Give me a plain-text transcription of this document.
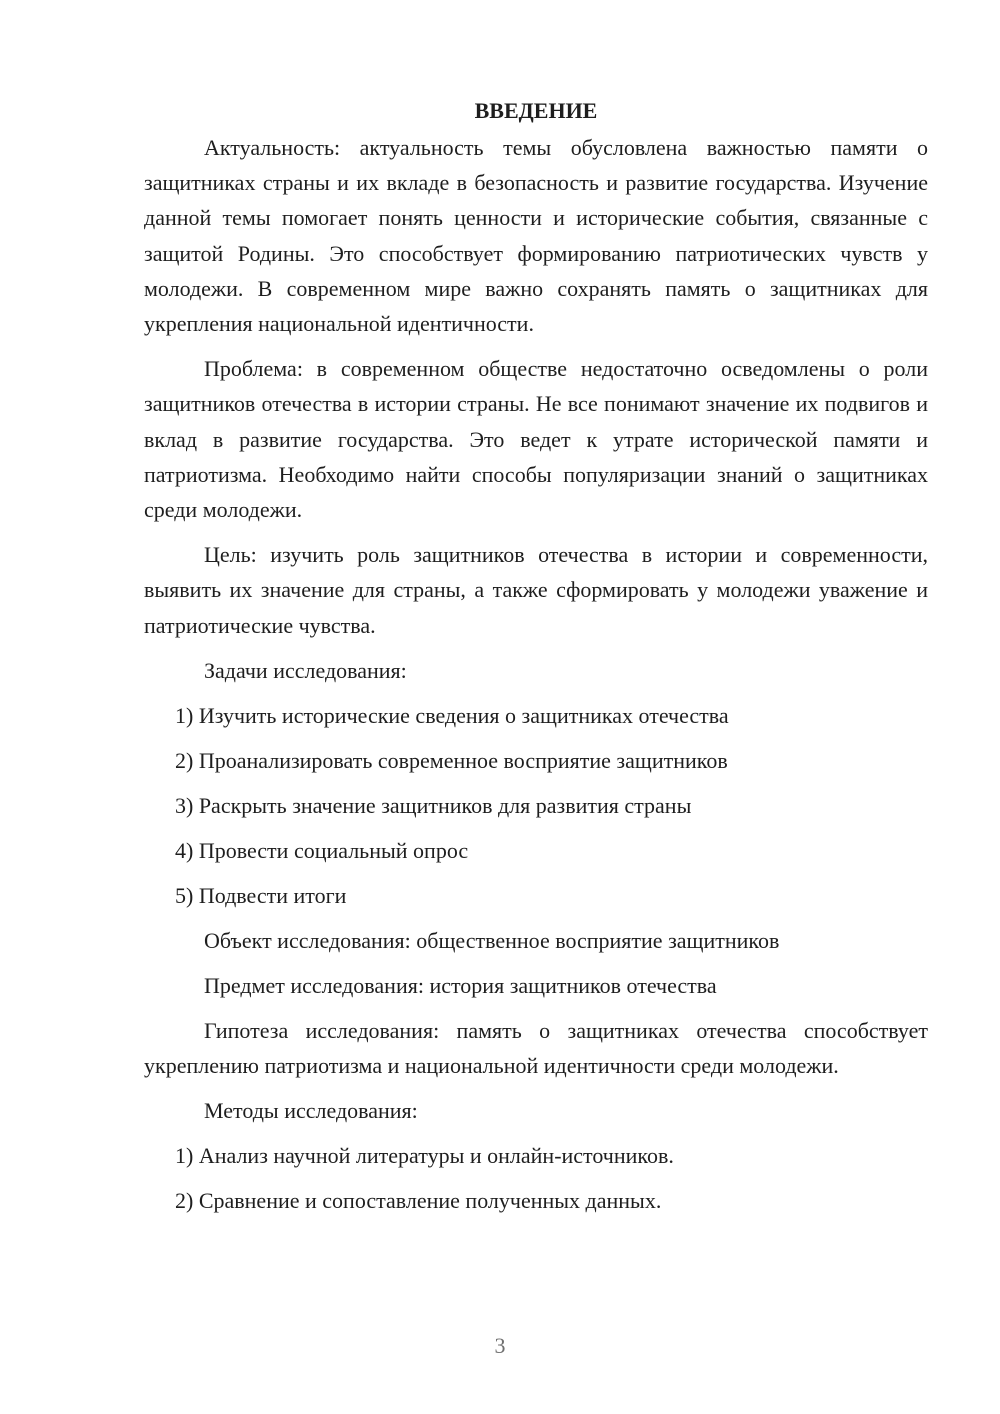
ВВЕДЕНИЕ

Актуальность: актуальность темы обусловлена важностью памяти о защитниках страны и их вкладе в безопасность и развитие государства. Изучение данной темы помогает понять ценности и исторические события, связанные с защитой Родины. Это способствует формированию патриотических чувств у молодежи. В современном мире важно сохранять память о защитниках для укрепления национальной идентичности.

Проблема: в современном обществе недостаточно осведомлены о роли защитников отечества в истории страны. Не все понимают значение их подвигов и вклад в развитие государства. Это ведет к утрате исторической памяти и патриотизма. Необходимо найти способы популяризации знаний о защитниках среди молодежи.

Цель: изучить роль защитников отечества в истории и современности, выявить их значение для страны, а также сформировать у молодежи уважение и патриотические чувства.

Задачи исследования:
1) Изучить исторические сведения о защитниках отечества
2) Проанализировать современное восприятие защитников
3) Раскрыть значение защитников для развития страны
4) Провести социальный опрос
5) Подвести итоги
Объект исследования: общественное восприятие защитников
Предмет исследования: история защитников отечества

Гипотеза исследования: память о защитниках отечества способствует укреплению патриотизма и национальной идентичности среди молодежи.

Методы исследования:
1) Анализ научной литературы и онлайн-источников.
2) Сравнение и сопоставление полученных данных.
3
